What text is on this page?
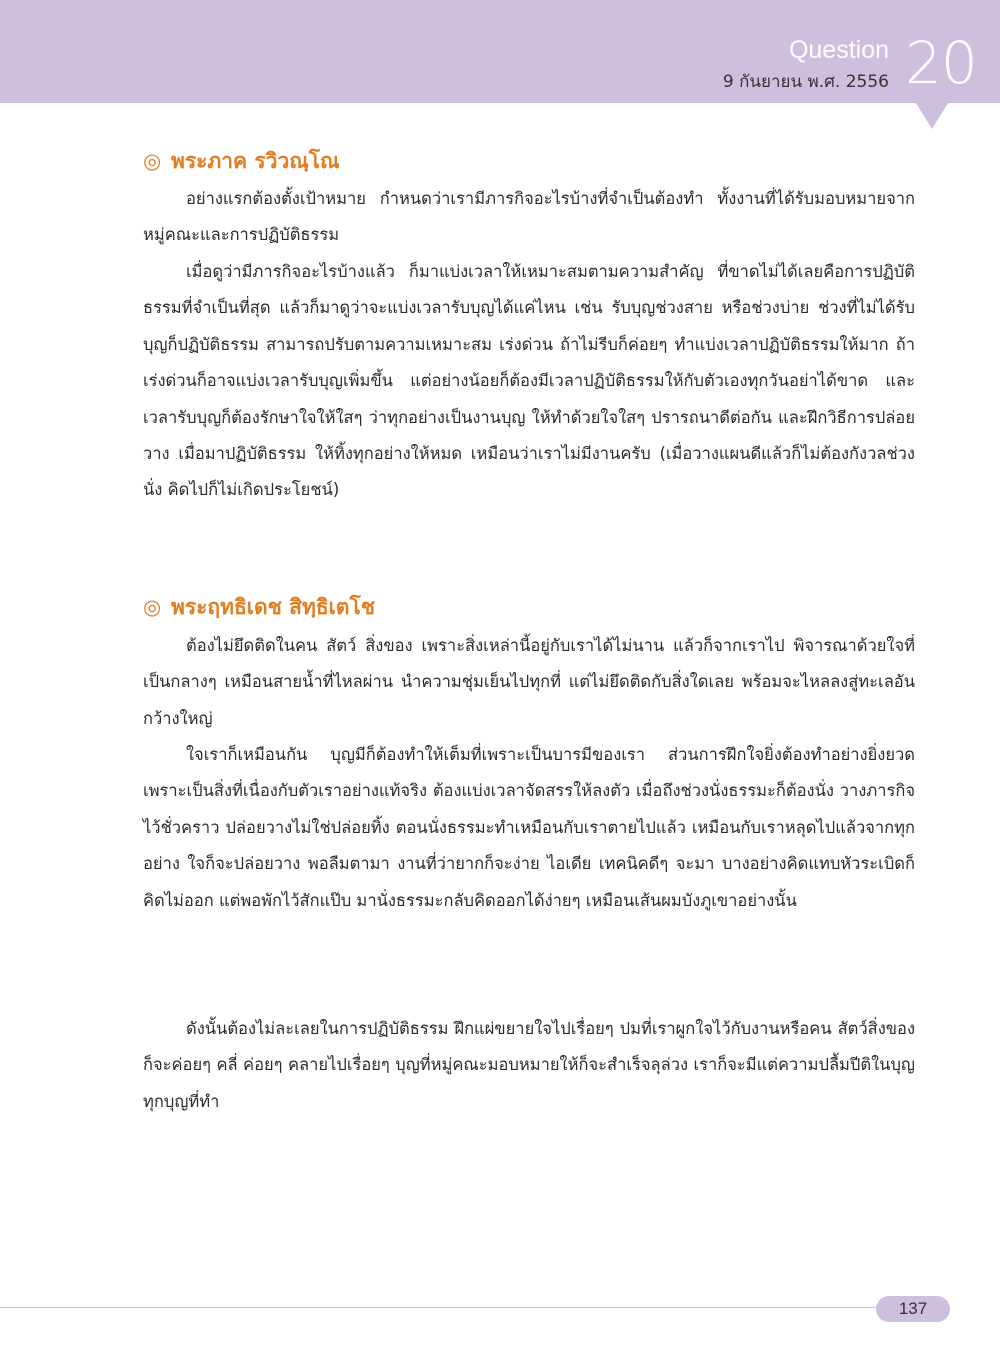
Question
9 กันยายน พ.ศ. 2556 20
◎ พระภาค รวิวณฺโณ

อย่างแรกต้องตั้งเป้าหมาย กำหนดว่าเรามีภารกิจอะไรบ้างที่จำเป็นต้องทำ ทั้งงานที่ได้รับมอบหมายจากหมู่คณะและการปฏิบัติธรรม

เมื่อดูว่ามีภารกิจอะไรบ้างแล้ว ก็มาแบ่งเวลาให้เหมาะสมตามความสำคัญ ที่ขาดไม่ได้เลยคือการปฏิบัติธรรมที่จำเป็นที่สุด แล้วก็มาดูว่าจะแบ่งเวลารับบุญได้แค่ไหน เช่น รับบุญช่วงสาย หรือช่วงบ่าย ช่วงที่ไม่ได้รับบุญก็ปฏิบัติธรรม สามารถปรับตามความเหมาะสม เร่งด่วน ถ้าไม่รีบก็ค่อยๆ ทำแบ่งเวลาปฏิบัติธรรมให้มาก ถ้าเร่งด่วนก็อาจแบ่งเวลารับบุญเพิ่มขึ้น แต่อย่างน้อยก็ต้องมีเวลาปฏิบัติธรรมให้กับตัวเองทุกวันอย่าได้ขาด และเวลารับบุญก็ต้องรักษาใจให้ใสๆ ว่าทุกอย่างเป็นงานบุญ ให้ทำด้วยใจใสๆ ปรารถนาดีต่อกัน และฝึกวิธีการปล่อยวาง เมื่อมาปฏิบัติธรรม ให้ทิ้งทุกอย่างให้หมด เหมือนว่าเราไม่มีงานครับ (เมื่อวางแผนดีแล้วก็ไม่ต้องกังวลช่วงนั่ง คิดไปก็ไม่เกิดประโยชน์)

◎ พระฤทธิเดช สิทฺธิเตโช

ต้องไม่ยึดติดในคน สัตว์ สิ่งของ เพราะสิ่งเหล่านี้อยู่กับเราได้ไม่นาน แล้วก็จากเราไป พิจารณาด้วยใจที่เป็นกลางๆ เหมือนสายน้ำที่ไหลผ่าน นำความชุ่มเย็นไปทุกที่ แต่ไม่ยึดติดกับสิ่งใดเลย พร้อมจะไหลลงสู่ทะเลอันกว้างใหญ่

ใจเราก็เหมือนกัน บุญมีก็ต้องทำให้เต็มที่เพราะเป็นบารมีของเรา ส่วนการฝึกใจยิ่งต้องทำอย่างยิ่งยวด เพราะเป็นสิ่งที่เนื่องกับตัวเราอย่างแท้จริง ต้องแบ่งเวลาจัดสรรให้ลงตัว เมื่อถึงช่วงนั่งธรรมะก็ต้องนั่ง วางภารกิจไว้ชั่วคราว ปล่อยวางไม่ใช่ปล่อยทิ้ง ตอนนั่งธรรมะทำเหมือนกับเราตายไปแล้ว เหมือนกับเราหลุดไปแล้วจากทุกอย่าง ใจก็จะปล่อยวาง พอลืมตามา งานที่ว่ายากก็จะง่าย ไอเดีย เทคนิคดีๆ จะมา บางอย่างคิดแทบหัวระเบิดก็คิดไม่ออก แต่พอพักไว้สักแป๊บ มานั่งธรรมะกลับคิดออกได้ง่ายๆ เหมือนเส้นผมบังภูเขาอย่างนั้น

ดังนั้นต้องไม่ละเลยในการปฏิบัติธรรม ฝึกแผ่ขยายใจไปเรื่อยๆ ปมที่เราผูกใจไว้กับงานหรือคน สัตว์สิ่งของก็จะค่อยๆ คลี่ ค่อยๆ คลายไปเรื่อยๆ บุญที่หมู่คณะมอบหมายให้ก็จะสำเร็จลุล่วง เราก็จะมีแต่ความปลื้มปีติในบุญทุกบุญที่ทำ

137
